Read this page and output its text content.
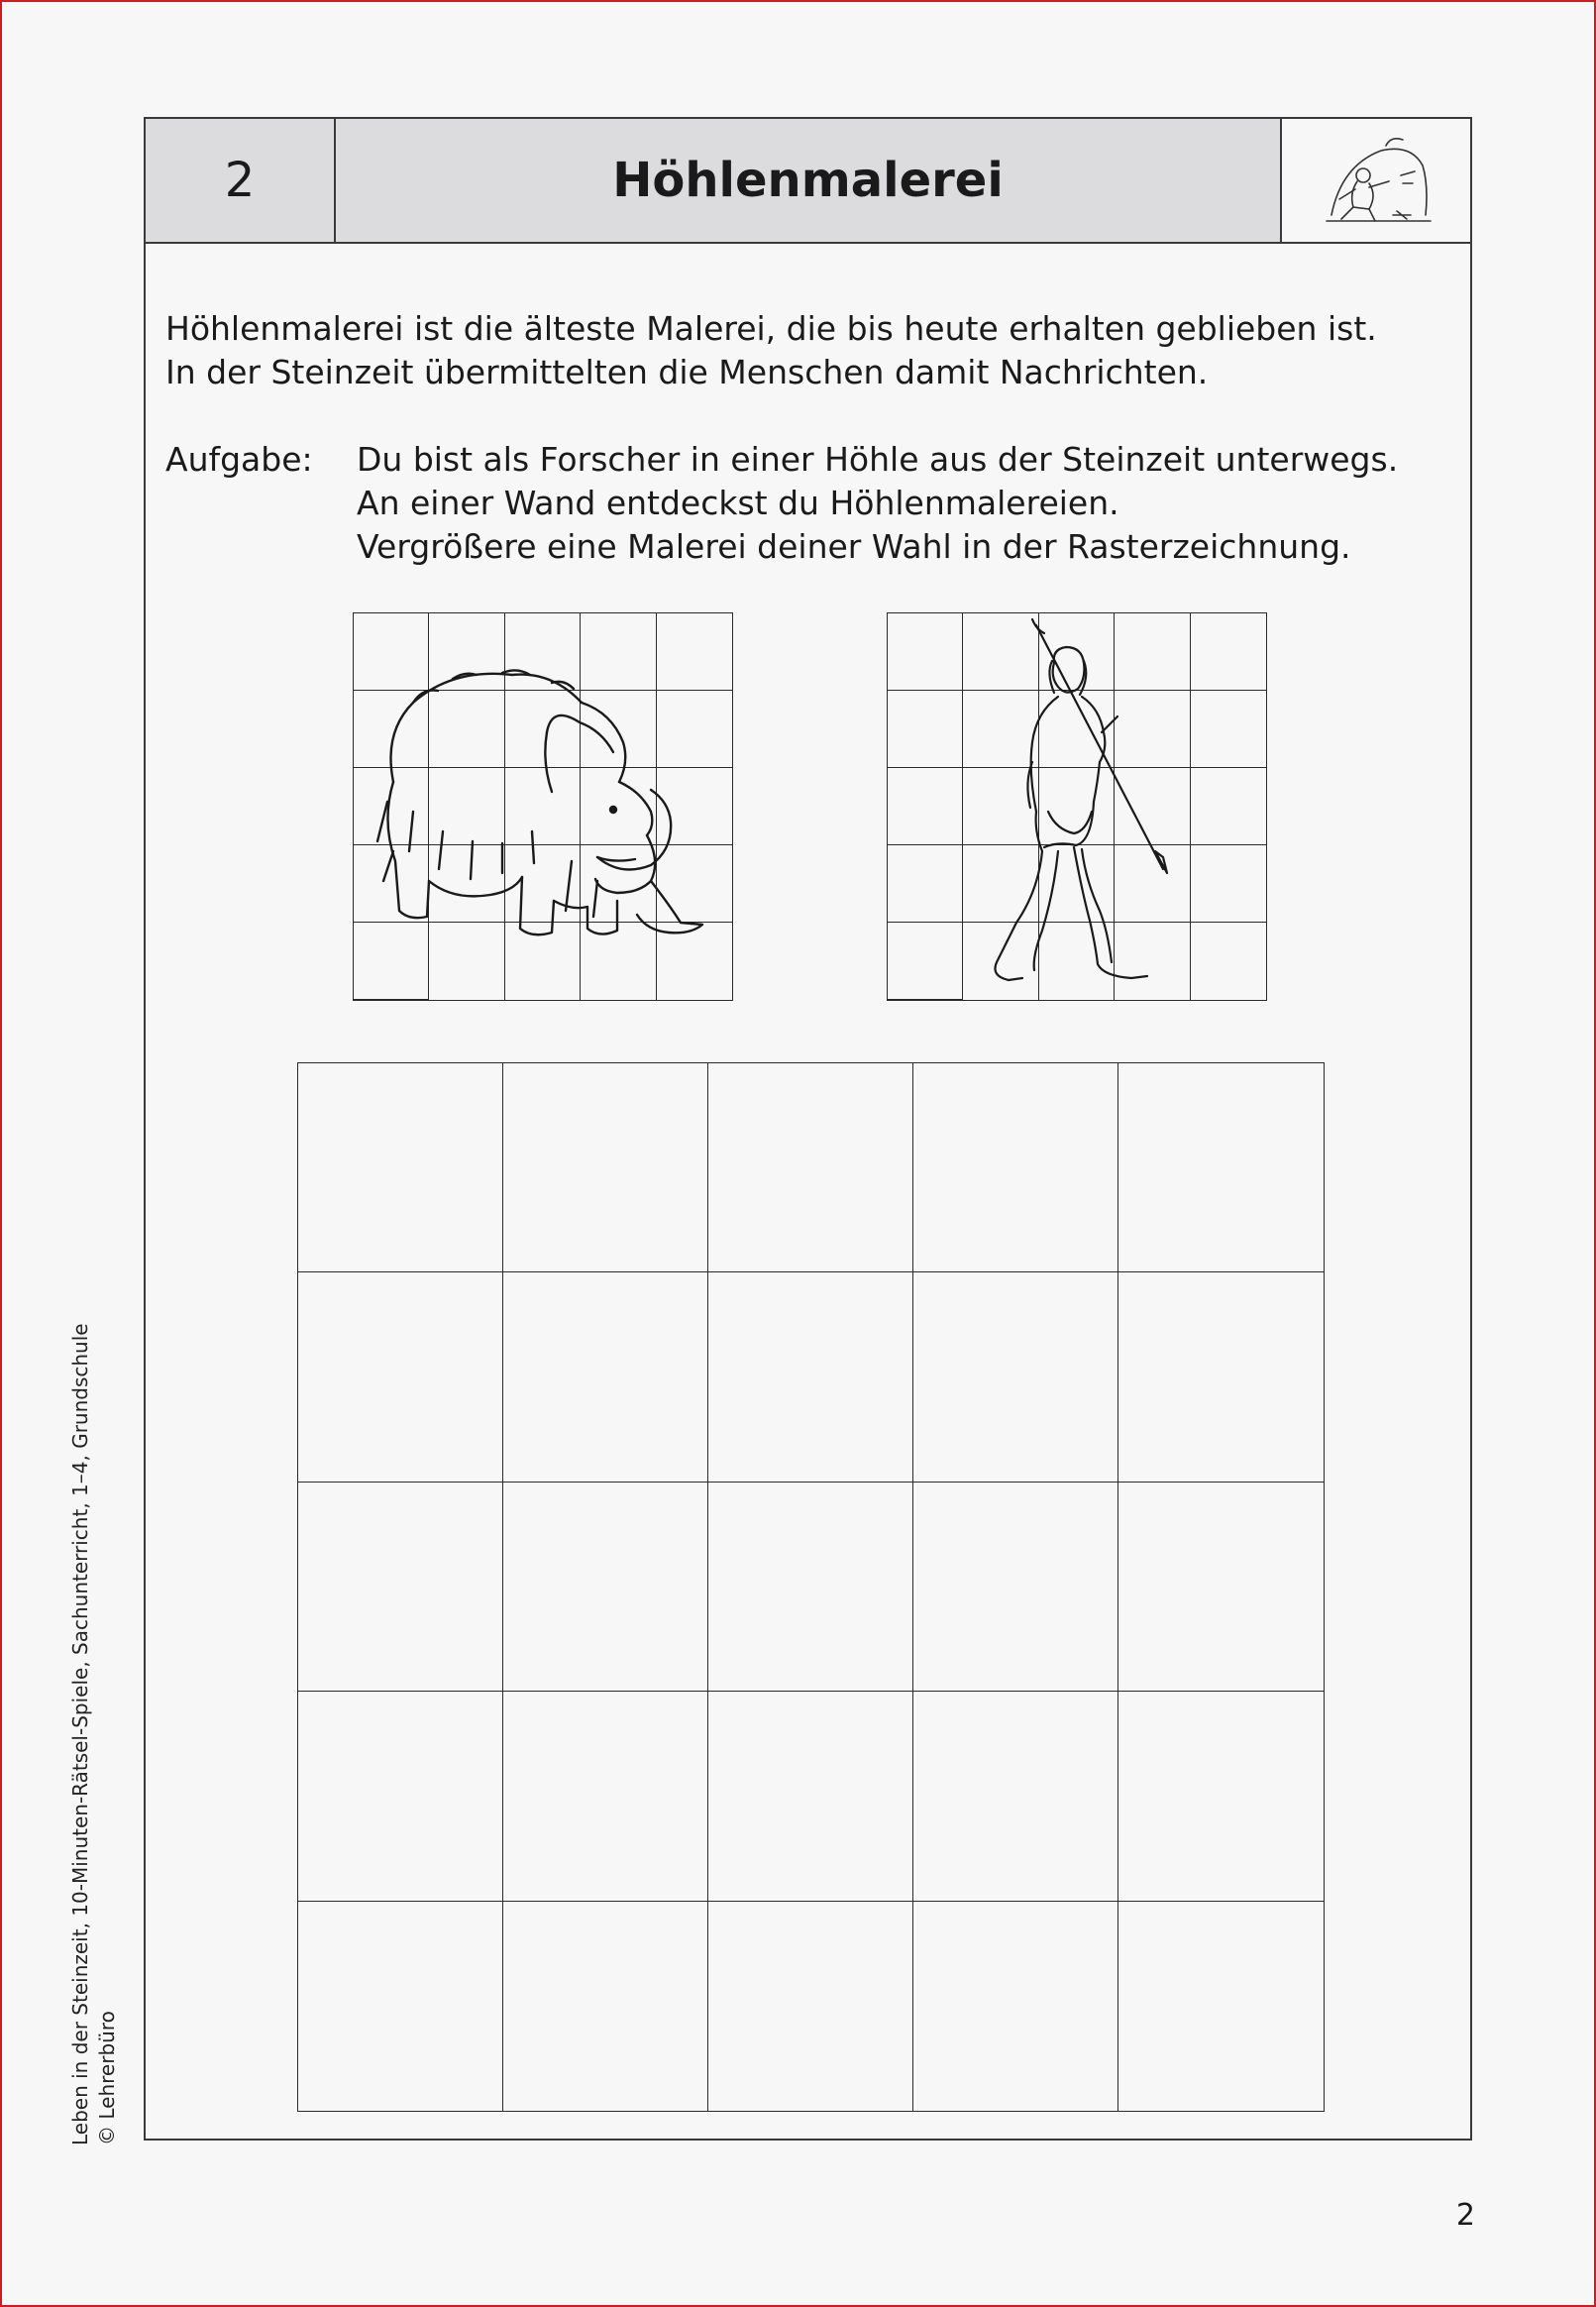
2	Höhlenmalerei
Höhlenmalerei ist die älteste Malerei, die bis heute erhalten geblieben ist.
In der Steinzeit übermittelten die Menschen damit Nachrichten.
Aufgabe: Du bist als Forscher in einer Höhle aus der Steinzeit unterwegs.
An einer Wand entdeckst du Höhlenmalereien.
Vergrößere eine Malerei deiner Wahl in der Rasterzeichnung.
Leben in der Steinzeit, 10-Minuten-Rätsel-Spiele, Sachunterricht, 1–4, Grundschule © Lehrerbüro
2
